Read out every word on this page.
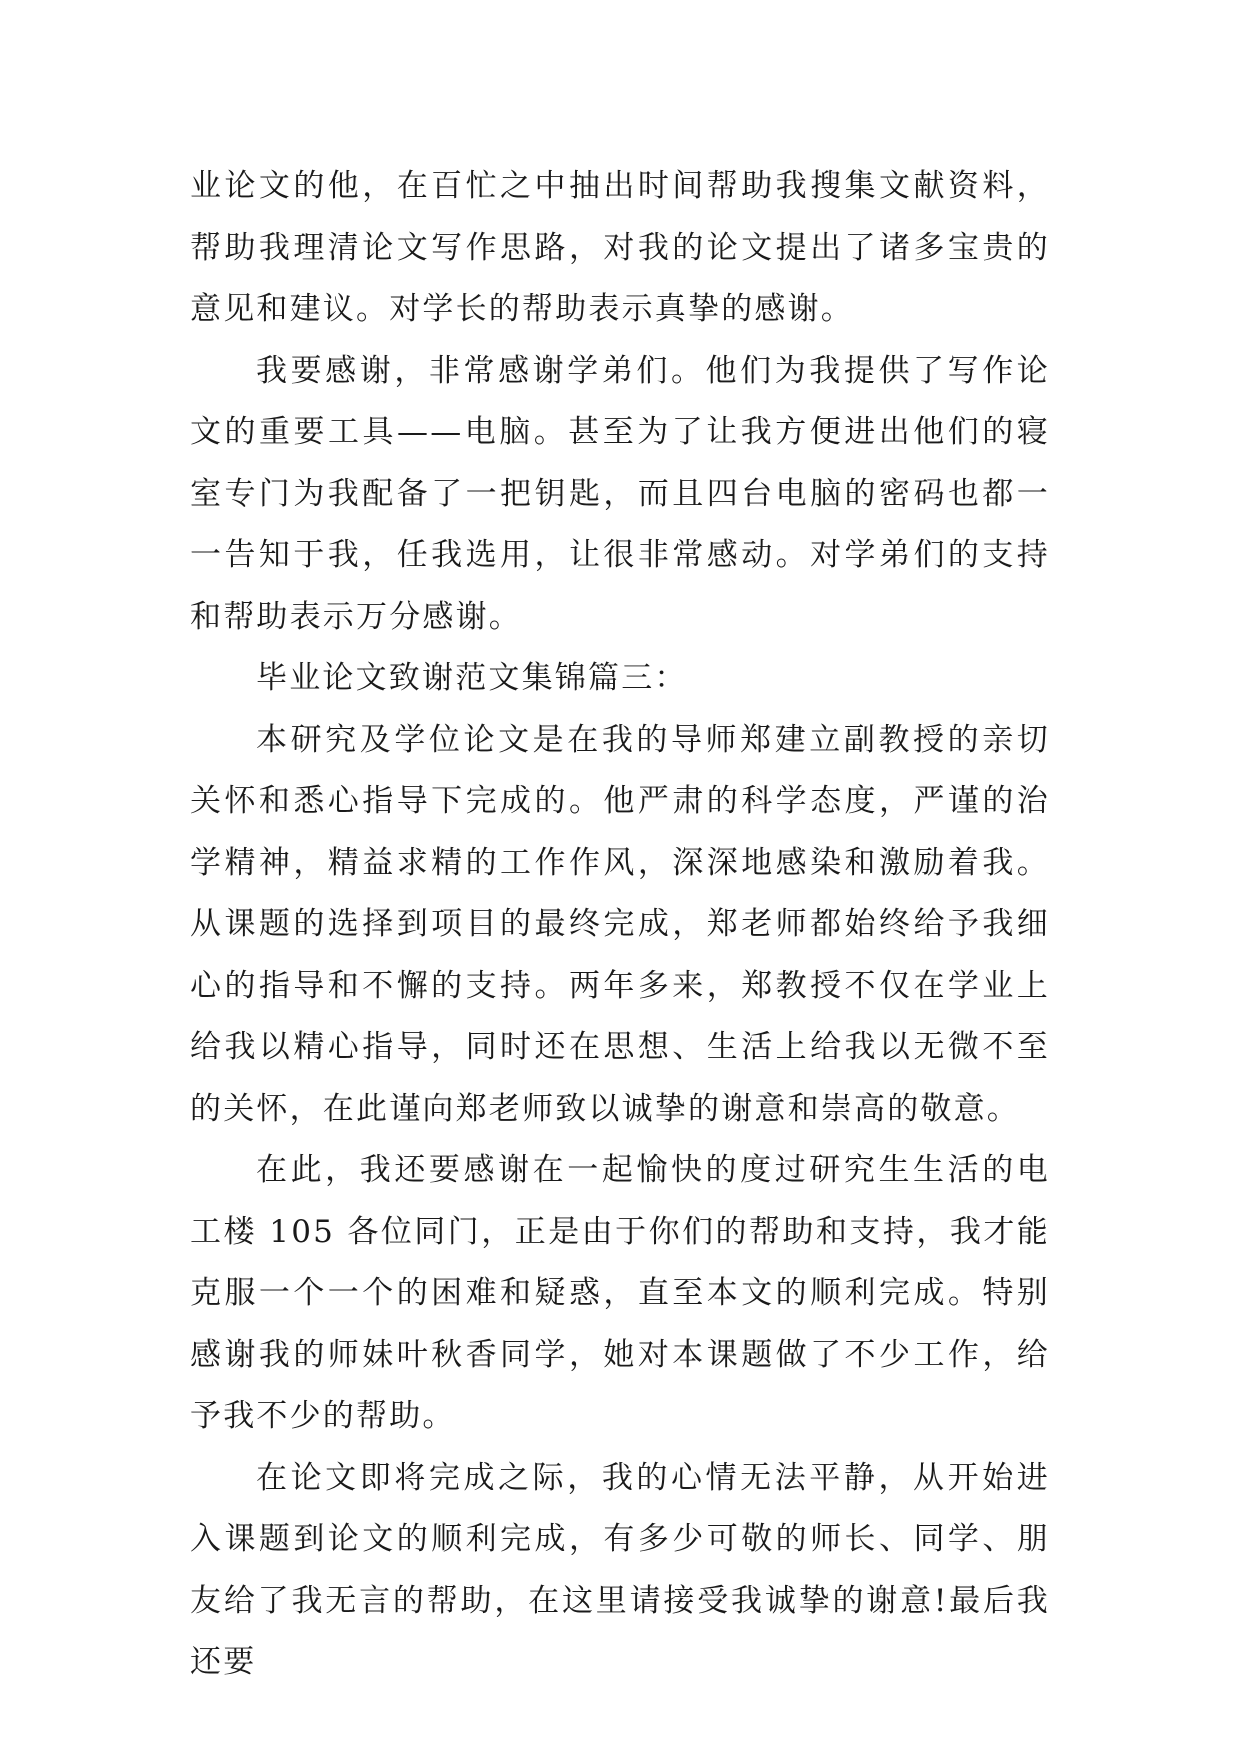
业论文的他，在百忙之中抽出时间帮助我搜集文献资料，帮助我理清论文写作思路，对我的论文提出了诸多宝贵的意见和建议。对学长的帮助表示真挚的感谢。

我要感谢，非常感谢学弟们。他们为我提供了写作论文的重要工具——电脑。甚至为了让我方便进出他们的寝室专门为我配备了一把钥匙，而且四台电脑的密码也都一一告知于我，任我选用，让很非常感动。对学弟们的支持和帮助表示万分感谢。

毕业论文致谢范文集锦篇三：

本研究及学位论文是在我的导师郑建立副教授的亲切关怀和悉心指导下完成的。他严肃的科学态度，严谨的治学精神，精益求精的工作作风，深深地感染和激励着我。从课题的选择到项目的最终完成，郑老师都始终给予我细心的指导和不懈的支持。两年多来，郑教授不仅在学业上给我以精心指导，同时还在思想、生活上给我以无微不至的关怀，在此谨向郑老师致以诚挚的谢意和崇高的敬意。

在此，我还要感谢在一起愉快的度过研究生生活的电工楼 105 各位同门，正是由于你们的帮助和支持，我才能克服一个一个的困难和疑惑，直至本文的顺利完成。特别感谢我的师妹叶秋香同学，她对本课题做了不少工作，给予我不少的帮助。

在论文即将完成之际，我的心情无法平静，从开始进入课题到论文的顺利完成，有多少可敬的师长、同学、朋友给了我无言的帮助，在这里请接受我诚挚的谢意!最后我还要
